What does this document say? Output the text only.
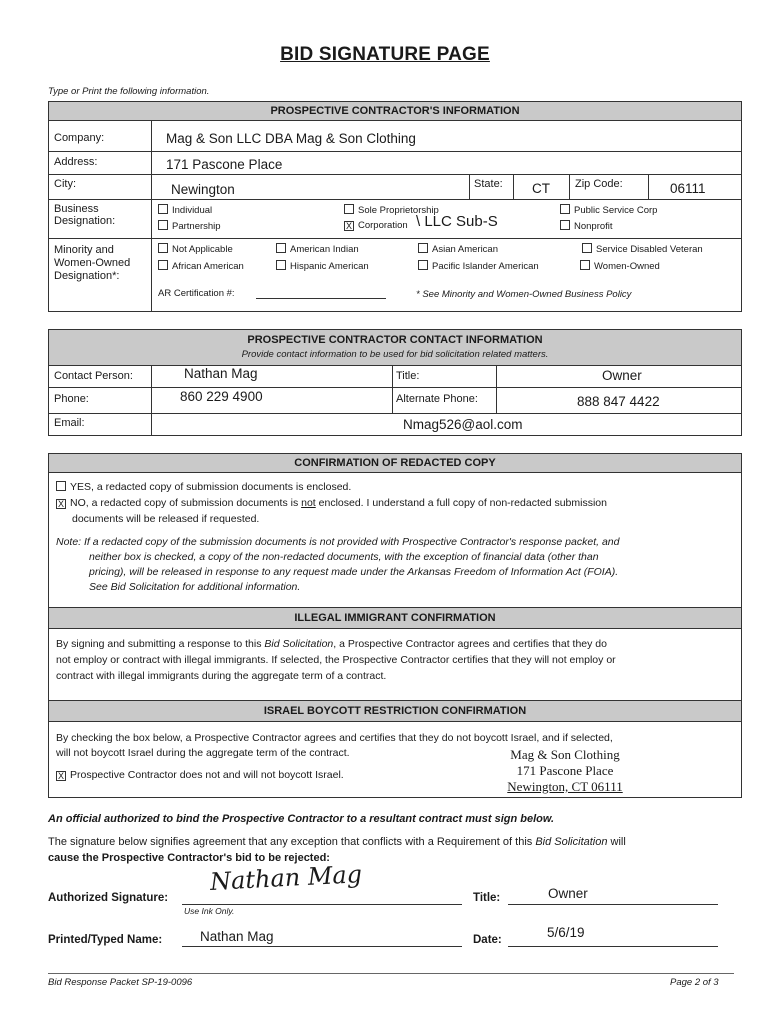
BID SIGNATURE PAGE
Type or Print the following information.
PROSPECTIVE CONTRACTOR'S INFORMATION
Company:	Mag & Son LLC DBA Mag & Son Clothing
Address:	171 Pascone Place
City:	Newington	State: CT Zip Code:	06111
Business
Designation:
Individual	Sole Proprietorship	Public Service Corp
Partnership	X Corporation \ LLC Sub-S	Nonprofit
Minority and
Women-Owned
Designation*:
Not Applicable	American Indian	Asian American	Service Disabled Veteran
African American	Hispanic American	Pacific Islander American	Women-Owned
AR Certification #:	* See Minority and Women-Owned Business Policy
PROSPECTIVE CONTRACTOR CONTACT INFORMATION
Provide contact information to be used for bid solicitation related matters.
Contact Person:	Nathan Mag	Title:	Owner
Phone:	860 229 4900	Alternate Phone:	888 847 4422
Email:	Nmag526@aol.com
CONFIRMATION OF REDACTED COPY
YES, a redacted copy of submission documents is enclosed.
X NO, a redacted copy of submission documents is not enclosed. I understand a full copy of non-redacted submission
documents will be released if requested.
Note: If a redacted copy of the submission documents is not provided with Prospective Contractor's response packet, and
neither box is checked, a copy of the non-redacted documents, with the exception of financial data (other than
pricing), will be released in response to any request made under the Arkansas Freedom of Information Act (FOIA).
See Bid Solicitation for additional information.
ILLEGAL IMMIGRANT CONFIRMATION
By signing and submitting a response to this Bid Solicitation, a Prospective Contractor agrees and certifies that they do
not employ or contract with illegal immigrants. If selected, the Prospective Contractor certifies that they will not employ or
contract with illegal immigrants during the aggregate term of a contract.
ISRAEL BOYCOTT RESTRICTION CONFIRMATION
By checking the box below, a Prospective Contractor agrees and certifies that they do not boycott Israel, and if selected,
will not boycott Israel during the aggregate term of the contract.
X Prospective Contractor does not and will not boycott Israel.
Mag & Son Clothing
171 Pascone Place
Newington, CT 06111
An official authorized to bind the Prospective Contractor to a resultant contract must sign below.
The signature below signifies agreement that any exception that conflicts with a Requirement of this Bid Solicitation will
cause the Prospective Contractor's bid to be rejected:
Authorized Signature:
Nathan Mag
Use Ink Only.
Title:	Owner
Printed/Typed Name:	Nathan Mag	Date:	5/6/19
Bid Response Packet SP-19-0096	Page 2 of 3
